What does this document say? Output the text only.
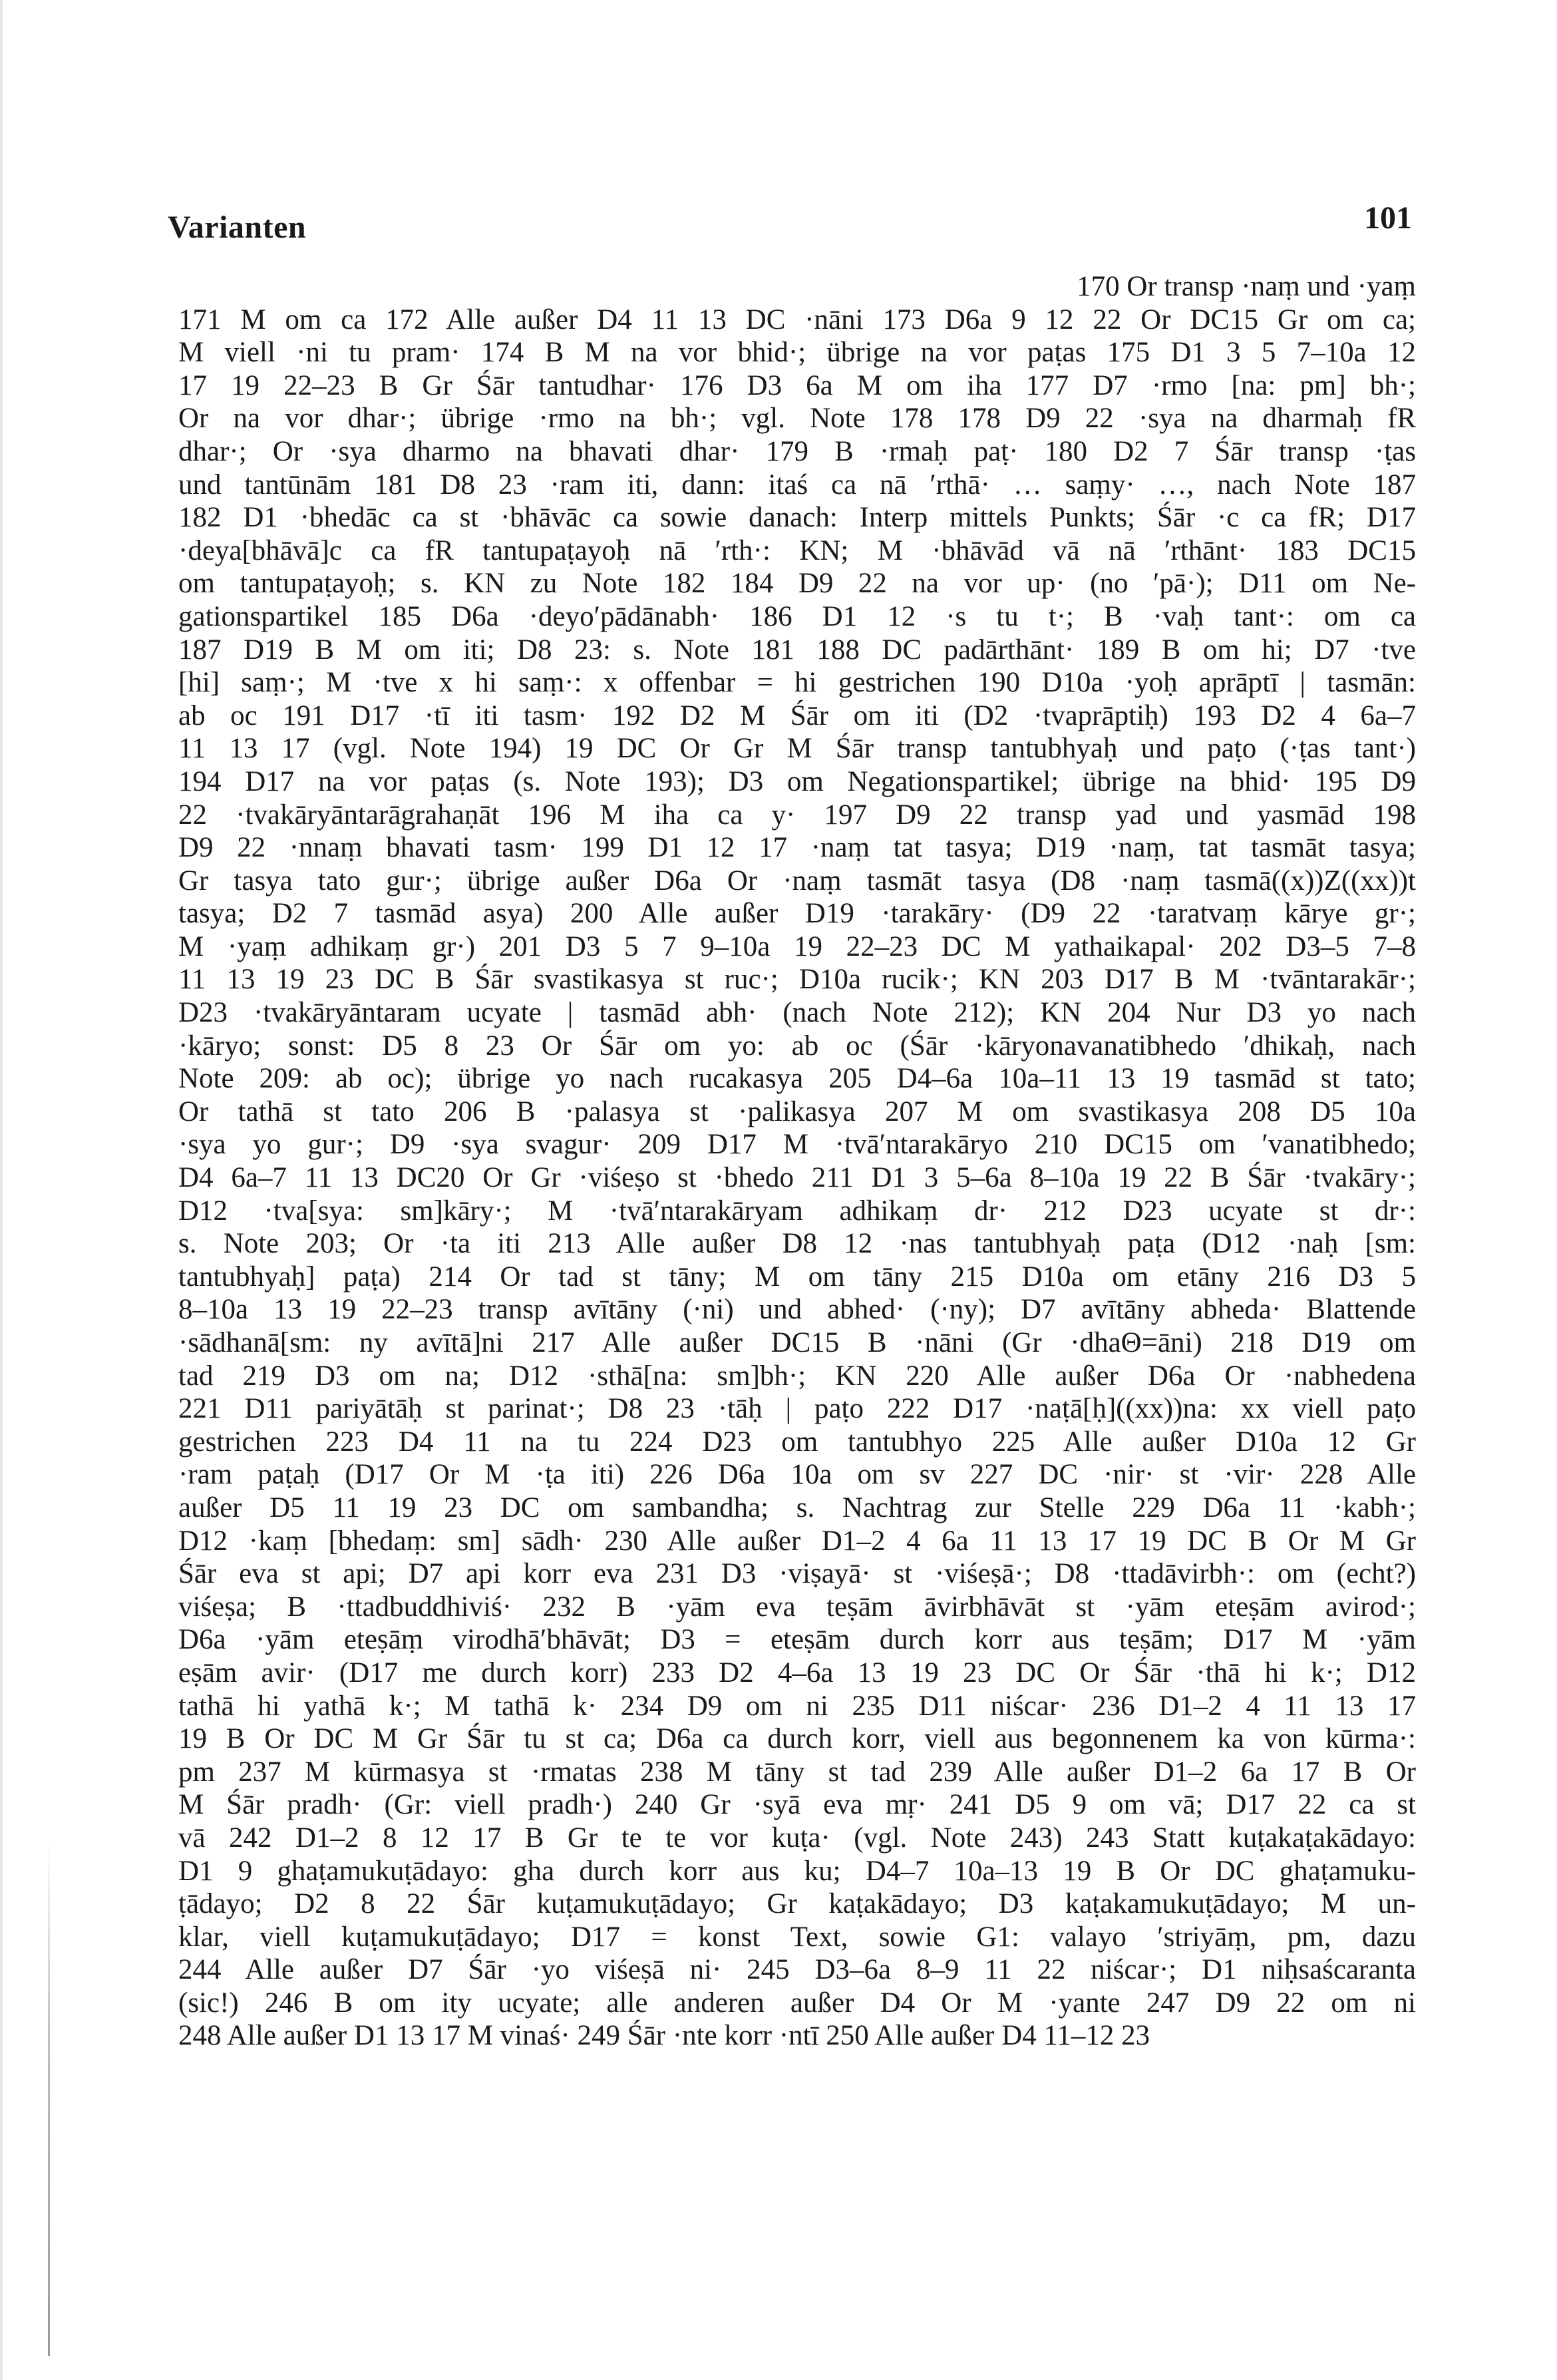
Varianten	101
170 Or transp ·naṃ und ·yaṃ
171 M om ca 172 Alle außer D4 11 13 DC ·nāni 173 D6a 9 12 22 Or DC15 Gr om ca;
M viell ·ni tu pram· 174 B M na vor bhid·; übrige na vor paṭas 175 D1 3 5 7–10a 12
17 19 22–23 B Gr Śār tantudhar· 176 D3 6a M om iha 177 D7 ·rmo [na: pm] bh·;
Or na vor dhar·; übrige ·rmo na bh·; vgl. Note 178 178 D9 22 ·sya na dharmaḥ fR
dhar·; Or ·sya dharmo na bhavati dhar· 179 B ·rmaḥ paṭ· 180 D2 7 Śār transp ·ṭas
und tantūnām 181 D8 23 ·ram iti, dann: itaś ca nā ′rthā· … saṃy· …, nach Note 187
182 D1 ·bhedāc ca st ·bhāvāc ca sowie danach: Interp mittels Punkts; Śār ·c ca fR; D17
·deya[bhāvā]c ca fR tantupaṭayoḥ nā ′rth·: KN; M ·bhāvād vā nā ′rthānt· 183 DC15
om tantupaṭayoḥ; s. KN zu Note 182 184 D9 22 na vor up· (no ′pā·); D11 om Ne-
gationspartikel 185 D6a ·deyo′pādānabh· 186 D1 12 ·s tu t·; B ·vaḥ tant·: om ca
187 D19 B M om iti; D8 23: s. Note 181 188 DC padārthānt· 189 B om hi; D7 ·tve
[hi] saṃ·; M ·tve x hi saṃ·: x offenbar = hi gestrichen 190 D10a ·yoḥ aprāptī | tasmān:
ab oc 191 D17 ·tī iti tasm· 192 D2 M Śār om iti (D2 ·tvaprāptiḥ) 193 D2 4 6a–7
11 13 17 (vgl. Note 194) 19 DC Or Gr M Śār transp tantubhyaḥ und paṭo (·ṭas tant·)
194 D17 na vor paṭas (s. Note 193); D3 om Negationspartikel; übrige na bhid· 195 D9
22 ·tvakāryāntarāgrahaṇāt 196 M iha ca y· 197 D9 22 transp yad und yasmād 198
D9 22 ·nnaṃ bhavati tasm· 199 D1 12 17 ·naṃ tat tasya; D19 ·naṃ, tat tasmāt tasya;
Gr tasya tato gur·; übrige außer D6a Or ·naṃ tasmāt tasya (D8 ·naṃ tasmā((x))Z((xx))t
tasya; D2 7 tasmād asya) 200 Alle außer D19 ·tarakāry· (D9 22 ·taratvaṃ kārye gr·;
M ·yaṃ adhikaṃ gr·) 201 D3 5 7 9–10a 19 22–23 DC M yathaikapal· 202 D3–5 7–8
11 13 19 23 DC B Śār svastikasya st ruc·; D10a rucik·; KN 203 D17 B M ·tvāntarakār·;
D23 ·tvakāryāntaram ucyate | tasmād abh· (nach Note 212); KN 204 Nur D3 yo nach
·kāryo; sonst: D5 8 23 Or Śār om yo: ab oc (Śār ·kāryonavanatibhedo ′dhikaḥ, nach
Note 209: ab oc); übrige yo nach rucakasya 205 D4–6a 10a–11 13 19 tasmād st tato;
Or tathā st tato 206 B ·palasya st ·palikasya 207 M om svastikasya 208 D5 10a
·sya yo gur·; D9 ·sya svagur· 209 D17 M ·tvā′ntarakāryo 210 DC15 om ′vanatibhedo;
D4 6a–7 11 13 DC20 Or Gr ·viśeṣo st ·bhedo 211 D1 3 5–6a 8–10a 19 22 B Śār ·tvakāry·;
D12 ·tva[sya: sm]kāry·; M ·tvā′ntarakāryam adhikaṃ dr· 212 D23 ucyate st dr·:
s. Note 203; Or ·ta iti 213 Alle außer D8 12 ·nas tantubhyaḥ paṭa (D12 ·naḥ [sm:
tantubhyaḥ] paṭa) 214 Or tad st tāny; M om tāny 215 D10a om etāny 216 D3 5
8–10a 13 19 22–23 transp avītāny (·ni) und abhed· (·ny); D7 avītāny abheda· Blattende
·sādhanā[sm: ny avītā]ni 217 Alle außer DC15 B ·nāni (Gr ·dhaΘ=āni) 218 D19 om
tad 219 D3 om na; D12 ·sthā[na: sm]bh·; KN 220 Alle außer D6a Or ·nabhedena
221 D11 pariyātāḥ st parinat·; D8 23 ·tāḥ | paṭo 222 D17 ·naṭā[ḥ]((xx))na: xx viell paṭo
gestrichen 223 D4 11 na tu 224 D23 om tantubhyo 225 Alle außer D10a 12 Gr
·ram paṭaḥ (D17 Or M ·ṭa iti) 226 D6a 10a om sv 227 DC ·nir· st ·vir· 228 Alle
außer D5 11 19 23 DC om sambandha; s. Nachtrag zur Stelle 229 D6a 11 ·kabh·;
D12 ·kaṃ [bhedaṃ: sm] sādh· 230 Alle außer D1–2 4 6a 11 13 17 19 DC B Or M Gr
Śār eva st api; D7 api korr eva 231 D3 ·viṣayā· st ·viśeṣā·; D8 ·ttadāvirbh·: om (echt?)
viśeṣa; B ·ttadbuddhiviś· 232 B ·yām eva teṣām āvirbhāvāt st ·yām eteṣām avirod·;
D6a ·yām eteṣāṃ virodhā′bhāvāt; D3 = eteṣām durch korr aus teṣām; D17 M ·yām
eṣām avir· (D17 me durch korr) 233 D2 4–6a 13 19 23 DC Or Śār ·thā hi k·; D12
tathā hi yathā k·; M tathā k· 234 D9 om ni 235 D11 niścar· 236 D1–2 4 11 13 17
19 B Or DC M Gr Śār tu st ca; D6a ca durch korr, viell aus begonnenem ka von kūrma·:
pm 237 M kūrmasya st ·rmatas 238 M tāny st tad 239 Alle außer D1–2 6a 17 B Or
M Śār pradh· (Gr: viell pradh·) 240 Gr ·syā eva mṛ· 241 D5 9 om vā; D17 22 ca st
vā 242 D1–2 8 12 17 B Gr te te vor kuṭa· (vgl. Note 243) 243 Statt kuṭakaṭakādayo:
D1 9 ghaṭamukuṭādayo: gha durch korr aus ku; D4–7 10a–13 19 B Or DC ghaṭamuku-
ṭādayo; D2 8 22 Śār kuṭamukuṭādayo; Gr kaṭakādayo; D3 kaṭakamukuṭādayo; M un-
klar, viell kuṭamukuṭādayo; D17 = konst Text, sowie G1: valayo ′striyāṃ, pm, dazu
244 Alle außer D7 Śār ·yo viśeṣā ni· 245 D3–6a 8–9 11 22 niścar·; D1 niḥsaścaranta
(sic!) 246 B om ity ucyate; alle anderen außer D4 Or M ·yante 247 D9 22 om ni
248 Alle außer D1 13 17 M vinaś· 249 Śār ·nte korr ·ntī 250 Alle außer D4 11–12 23
